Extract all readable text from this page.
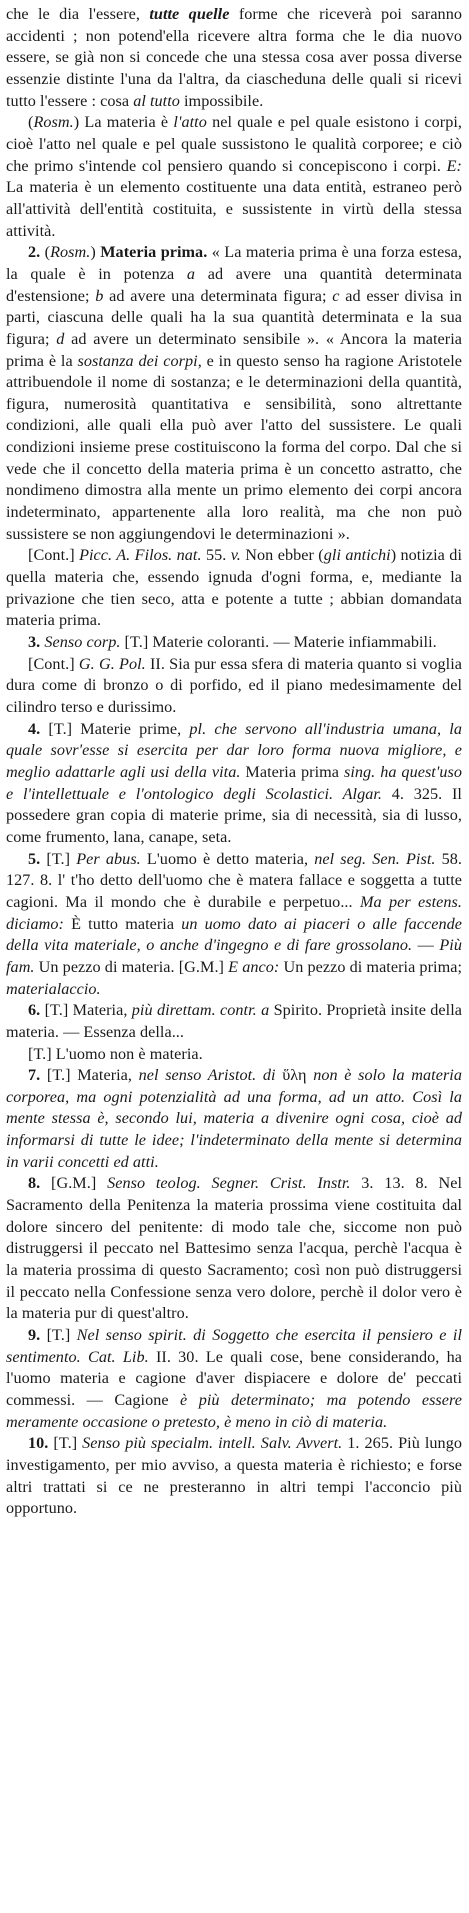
che le dia l'essere, tutte quelle forme che riceverà poi saranno accidenti ; non potend'ella ricevere altra forma che le dia nuovo essere, se già non si concede che una stessa cosa aver possa diverse essenzie distinte l'una da l'altra, da ciascheduna delle quali si ricevi tutto l'essere : cosa al tutto impossibile.

(Rosm.) La materia è l'atto nel quale e pel quale esistono i corpi, cioè l'atto nel quale e pel quale sussistono le qualità corporee; e ciò che primo s'intende col pensiero quando si concepiscono i corpi. E: La materia è un elemento costituente una data entità, estraneo però all'attività dell'entità costituita, e sussistente in virtù della stessa attività.

2. (Rosm.) Materia prima. « La materia prima è una forza estesa, la quale è in potenza a ad avere una quantità determinata d'estensione; b ad avere una determinata figura; c ad esser divisa in parti, ciascuna delle quali ha la sua quantità determinata e la sua figura; d ad avere un determinato sensibile ». « Ancora la materia prima è la sostanza dei corpi, e in questo senso ha ragione Aristotele attribuendole il nome di sostanza; e le determinazioni della quantità, figura, numerosità quantitativa e sensibilità, sono altrettante condizioni, alle quali ella può aver l'atto del sussistere. Le quali condizioni insieme prese costituiscono la forma del corpo. Dal che si vede che il concetto della materia prima è un concetto astratto, che nondimeno dimostra alla mente un primo elemento dei corpi ancora indeterminato, appartenente alla loro realità, ma che non può sussistere se non aggiungendovi le determinazioni ».

[Cont.] Picc. A. Filos. nat. 55. v. Non ebber (gli antichi) notizia di quella materia che, essendo ignuda d'ogni forma, e, mediante la privazione che tien seco, atta e potente a tutte ; abbian domandata materia prima.

3. Senso corp. [T.] Materie coloranti. — Materie infiammabili.

[Cont.] G. G. Pol. II. Sia pur essa sfera di materia quanto si voglia dura come di bronzo o di porfido, ed il piano medesimamente del cilindro terso e durissimo.

4. [T.] Materie prime, pl. che servono all'industria umana, la quale sovr'esse si esercita per dar loro forma nuova migliore, e meglio adattarle agli usi della vita. Materia prima sing. ha quest'uso e l'intellettuale e l'ontologico degli Scolastici. Algar. 4. 325. Il possedere gran copia di materie prime, sia di necessità, sia di lusso, come frumento, lana, canape, seta.

5. [T.] Per abus. L'uomo è detto materia, nel seg. Sen. Pist. 58. 127. 8. l' t'ho detto dell'uomo che è matera fallace e soggetta a tutte cagioni. Ma il mondo che è durabile e perpetuo... Ma per estens. diciamo: È tutto materia un uomo dato ai piaceri o alle faccende della vita materiale, o anche d'ingegno e di fare grossolano. — Più fam. Un pezzo di materia. [G.M.] E anco: Un pezzo di materia prima; materialaccio.

6. [T.] Materia, più direttam. contr. a Spirito. Proprietà insite della materia. — Essenza della...

[T.] L'uomo non è materia.

7. [T.] Materia, nel senso Aristot. di ὕλη non è solo la materia corporea, ma ogni potenzialità ad una forma, ad un atto. Così la mente stessa è, secondo lui, materia a divenire ogni cosa, cioè ad informarsi di tutte le idee; l'indeterminato della mente si determina in varii concetti ed atti.

8. [G.M.] Senso teolog. Segner. Crist. Instr. 3. 13. 8. Nel Sacramento della Penitenza la materia prossima viene costituita dal dolore sincero del penitente: di modo tale che, siccome non può distruggersi il peccato nel Battesimo senza l'acqua, perchè l'acqua è la materia prossima di questo Sacramento; così non può distruggersi il peccato nella Confessione senza vero dolore, perchè il dolor vero è la materia pur di quest'altro.

9. [T.] Nel senso spirit. di Soggetto che esercita il pensiero e il sentimento. Cat. Lib. II. 30. Le quali cose, bene considerando, ha l'uomo materia e cagione d'aver dispiacere e dolore de' peccati commessi. — Cagione è più determinato; ma potendo essere meramente occasione o pretesto, è meno in ciò di materia.

10. [T.] Senso più specialm. intell. Salv. Avvert. 1. 265. Più lungo investigamento, per mio avviso, a questa materia è richiesto; e forse altri trattati si ce ne presteranno in altri tempi l'acconcio più opportuno.
